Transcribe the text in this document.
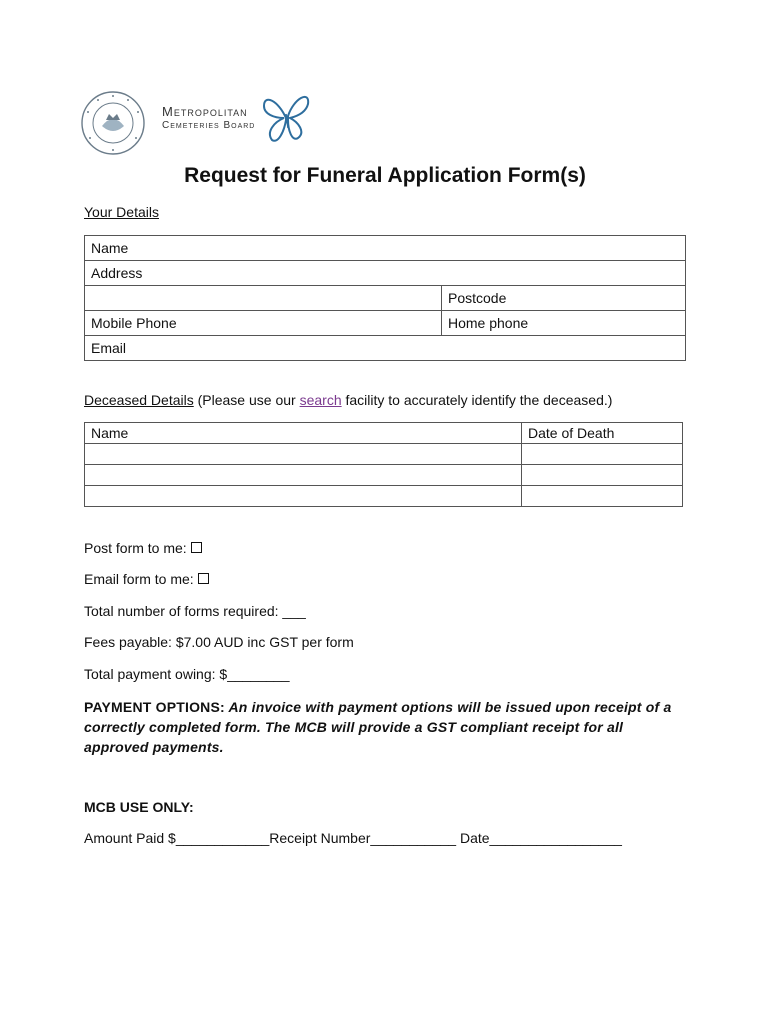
Metropolitan
Cemeteries Board
Request for Funeral Application Form(s)
Your Details
Name	
Address	
	Postcode
Mobile Phone	Home phone
Email	
Deceased Details (Please use our search facility to accurately identify the deceased.)
Name	Date of Death

Post form to me:
Email form to me:
Total number of forms required: ___
Fees payable: $7.00 AUD inc GST per form
Total payment owing: $________
PAYMENT OPTIONS: An invoice with payment options will be issued upon receipt of a correctly completed form. The MCB will provide a GST compliant receipt for all approved payments.
MCB USE ONLY:
Amount Paid $____________Receipt Number___________ Date_________________
